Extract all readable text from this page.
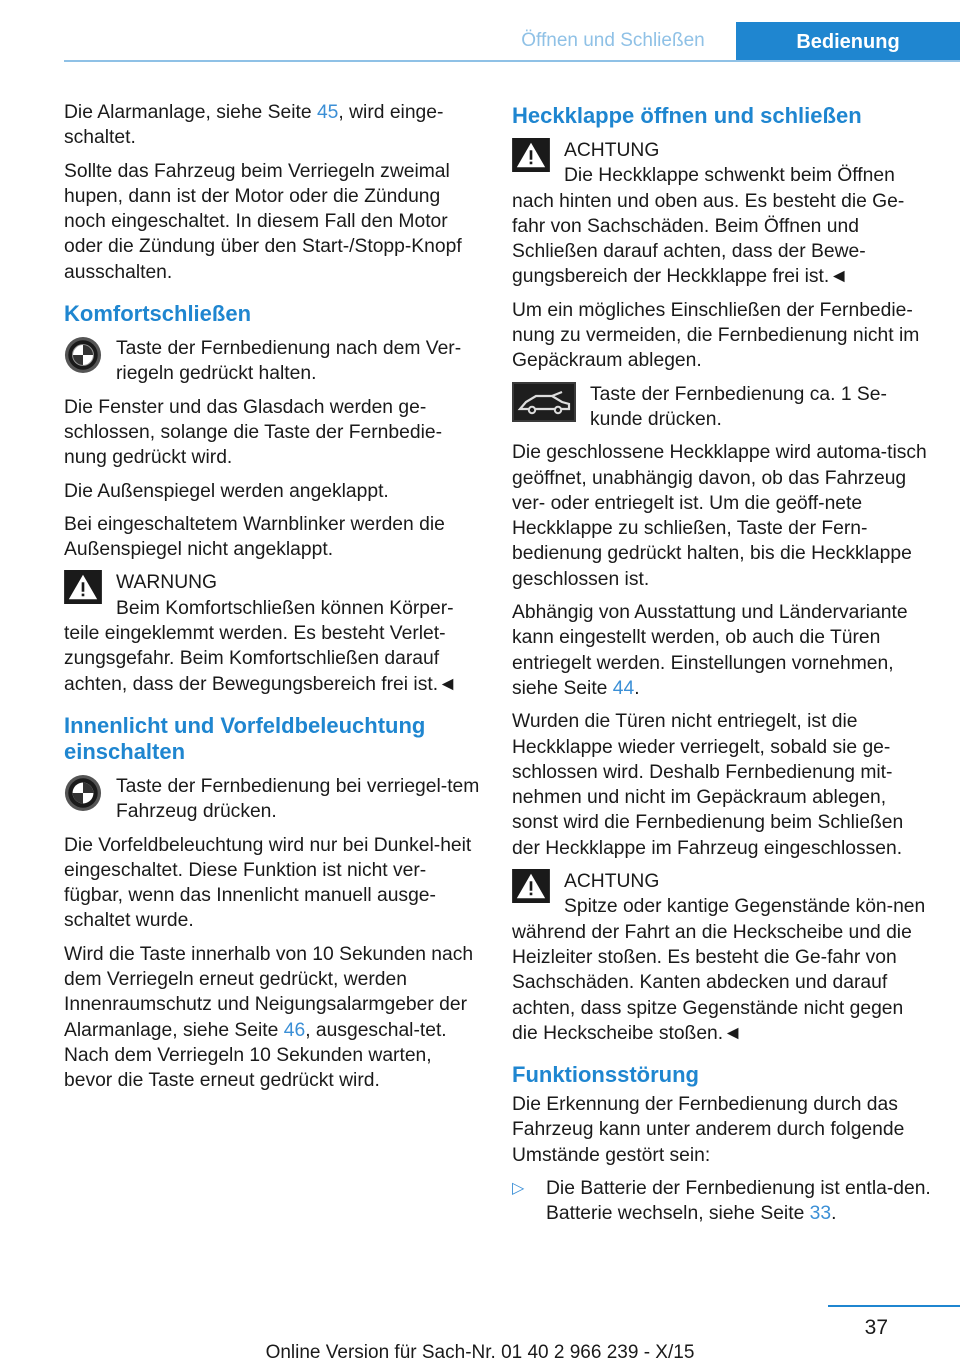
Öffnen und Schließen	Bedienung

Die Alarmanlage, siehe Seite 45, wird einge-schaltet.

Sollte das Fahrzeug beim Verriegeln zweimal hupen, dann ist der Motor oder die Zündung noch eingeschaltet. In diesem Fall den Motor oder die Zündung über den Start-/Stopp-Knopf ausschalten.

Komfortschließen
Taste der Fernbedienung nach dem Ver-riegeln gedrückt halten.

Die Fenster und das Glasdach werden ge-schlossen, solange die Taste der Fernbedie-nung gedrückt wird.

Die Außenspiegel werden angeklappt.

Bei eingeschaltetem Warnblinker werden die Außenspiegel nicht angeklappt.

WARNUNG
Beim Komfortschließen können Körper-teile eingeklemmt werden. Es besteht Verlet-zungsgefahr. Beim Komfortschließen darauf achten, dass der Bewegungsbereich frei ist.◄
Innenlicht und Vorfeldbeleuchtung einschalten
Taste der Fernbedienung bei verriegel-tem Fahrzeug drücken.

Die Vorfeldbeleuchtung wird nur bei Dunkel-heit eingeschaltet. Diese Funktion ist nicht ver-fügbar, wenn das Innenlicht manuell ausge-schaltet wurde.

Wird die Taste innerhalb von 10 Sekunden nach dem Verriegeln erneut gedrückt, werden Innenraumschutz und Neigungsalarmgeber der Alarmanlage, siehe Seite 46, ausgeschal-tet. Nach dem Verriegeln 10 Sekunden warten, bevor die Taste erneut gedrückt wird.

Heckklappe öffnen und schließen
ACHTUNG
Die Heckklappe schwenkt beim Öffnen nach hinten und oben aus. Es besteht die Ge-fahr von Sachschäden. Beim Öffnen und Schließen darauf achten, dass der Bewe-gungsbereich der Heckklappe frei ist.◄

Um ein mögliches Einschließen der Fernbedie-nung zu vermeiden, die Fernbedienung nicht im Gepäckraum ablegen.

Taste der Fernbedienung ca. 1 Se-kunde drücken.

Die geschlossene Heckklappe wird automa-tisch geöffnet, unabhängig davon, ob das Fahrzeug ver- oder entriegelt ist. Um die geöff-nete Heckklappe zu schließen, Taste der Fern-bedienung gedrückt halten, bis die Heckklappe geschlossen ist.

Abhängig von Ausstattung und Ländervariante kann eingestellt werden, ob auch die Türen entriegelt werden. Einstellungen vornehmen, siehe Seite 44.

Wurden die Türen nicht entriegelt, ist die Heckklappe wieder verriegelt, sobald sie ge-schlossen wird. Deshalb Fernbedienung mit-nehmen und nicht im Gepäckraum ablegen, sonst wird die Fernbedienung beim Schließen der Heckklappe im Fahrzeug eingeschlossen.

ACHTUNG
Spitze oder kantige Gegenstände kön-nen während der Fahrt an die Heckscheibe und die Heizleiter stoßen. Es besteht die Ge-fahr von Sachschäden. Kanten abdecken und darauf achten, dass spitze Gegenstände nicht gegen die Heckscheibe stoßen.◄
Funktionsstörung

Die Erkennung der Fernbedienung durch das Fahrzeug kann unter anderem durch folgende Umstände gestört sein:

▷ Die Batterie der Fernbedienung ist entla-den. Batterie wechseln, siehe Seite 33.
37
Online Version für Sach-Nr. 01 40 2 966 239 - X/15
